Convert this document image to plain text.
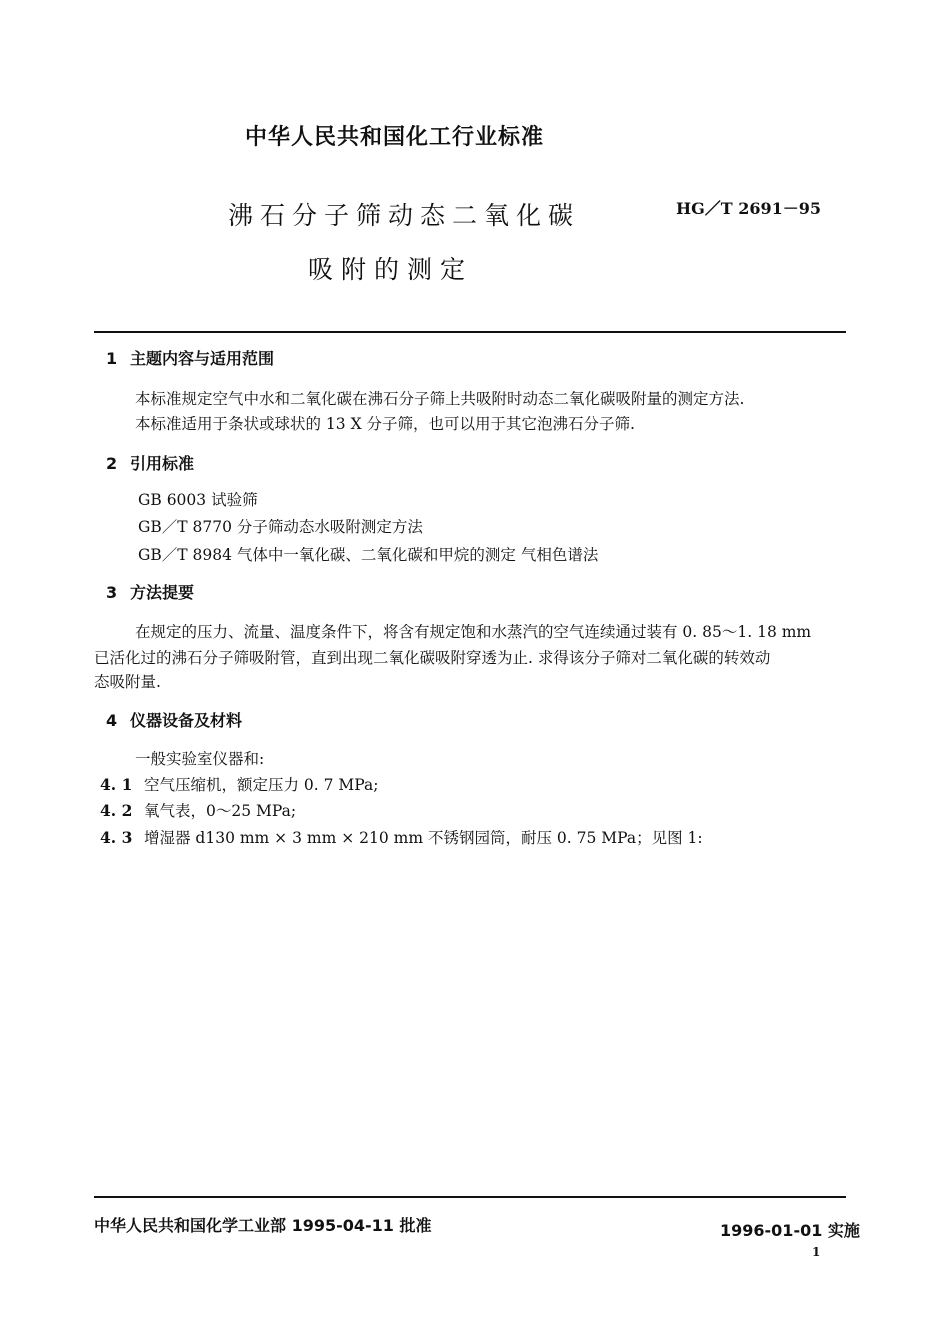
中华人民共和国化工行业标准
沸石分子筛动态二氧化碳
吸附的测定
HG／T 2691－95
1 主题内容与适用范围
本标准规定空气中水和二氧化碳在沸石分子筛上共吸附时动态二氧化碳吸附量的测定方法.
本标准适用于条状或球状的 13 X 分子筛，也可以用于其它泡沸石分子筛.
2 引用标准
GB 6003 试验筛
GB／T 8770 分子筛动态水吸附测定方法
GB／T 8984 气体中一氧化碳、二氧化碳和甲烷的测定 气相色谱法
3 方法提要
在规定的压力、流量、温度条件下，将含有规定饱和水蒸汽的空气连续通过装有 0. 85～1. 18 mm
已活化过的沸石分子筛吸附管，直到出现二氧化碳吸附穿透为止. 求得该分子筛对二氧化碳的转效动
态吸附量.
4 仪器设备及材料
一般实验室仪器和:
4. 1 空气压缩机，额定压力 0. 7 MPa;
4. 2 氧气表，0～25 MPa;
4. 3 增湿器 d130 mm × 3 mm × 210 mm 不锈钢园筒，耐压 0. 75 MPa；见图 1:
中华人民共和国化学工业部 1995-04-11 批准	1996-01-01 实施
1
